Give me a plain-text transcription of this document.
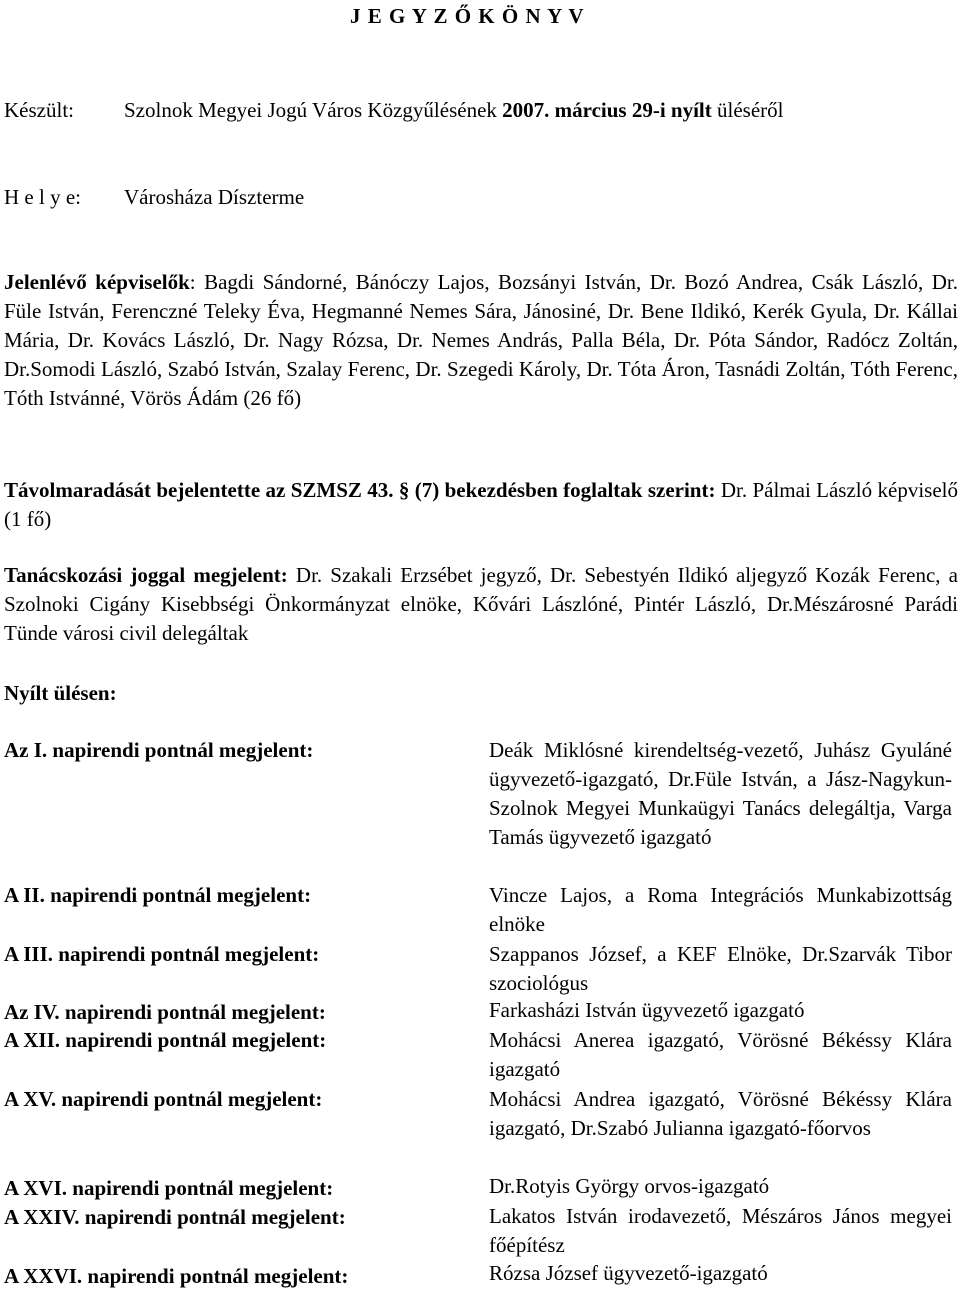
J E G Y Z Ő K Ö N Y V
Készült: Szolnok Megyei Jogú Város Közgyűlésének 2007. március 29-i nyílt üléséről
H e l y e: Városháza Díszterme
Jelenlévő képviselők: Bagdi Sándorné, Bánóczy Lajos, Bozsányi István, Dr. Bozó Andrea, Csák László, Dr. Füle István, Ferenczné Teleky Éva, Hegmanné Nemes Sára, Jánosiné, Dr. Bene Ildikó, Kerék Gyula, Dr. Kállai Mária, Dr. Kovács László, Dr. Nagy Rózsa, Dr. Nemes András, Palla Béla, Dr. Póta Sándor, Radócz Zoltán, Dr.Somodi László, Szabó István, Szalay Ferenc, Dr. Szegedi Károly, Dr. Tóta Áron, Tasnádi Zoltán, Tóth Ferenc, Tóth Istvánné, Vörös Ádám (26 fő)
Távolmaradását bejelentette az SZMSZ 43. § (7) bekezdésben foglaltak szerint: Dr. Pálmai László képviselő (1 fő)
Tanácskozási joggal megjelent: Dr. Szakali Erzsébet jegyző, Dr. Sebestyén Ildikó aljegyző Kozák Ferenc, a Szolnoki Cigány Kisebbségi Önkormányzat elnöke, Kővári Lászlóné, Pintér László, Dr.Mészárosné Parádi Tünde városi civil delegáltak
Nyílt ülésen:
Az I. napirendi pontnál megjelent:	Deák Miklósné kirendeltség-vezető, Juhász Gyuláné ügyvezető-igazgató, Dr.Füle István, a Jász-Nagykun-Szolnok Megyei Munkaügyi Tanács delegáltja, Varga Tamás ügyvezető igazgató
A II. napirendi pontnál megjelent:	Vincze Lajos, a Roma Integrációs Munkabizottság elnöke
A III. napirendi pontnál megjelent:	Szappanos József, a KEF Elnöke, Dr.Szarvák Tibor szociológus
Az IV. napirendi pontnál megjelent:	Farkasházi István ügyvezető igazgató
A XII. napirendi pontnál megjelent:	Mohácsi Anerea igazgató, Vörösné Békéssy Klára igazgató
A XV. napirendi pontnál megjelent:	Mohácsi Andrea igazgató, Vörösné Békéssy Klára igazgató, Dr.Szabó Julianna igazgató-főorvos
A XVI. napirendi pontnál megjelent:	Dr.Rotyis György orvos-igazgató
A XXIV. napirendi pontnál megjelent:	Lakatos István irodavezető, Mészáros János megyei főépítész
A XXVI. napirendi pontnál megjelent:	Rózsa József ügyvezető-igazgató
